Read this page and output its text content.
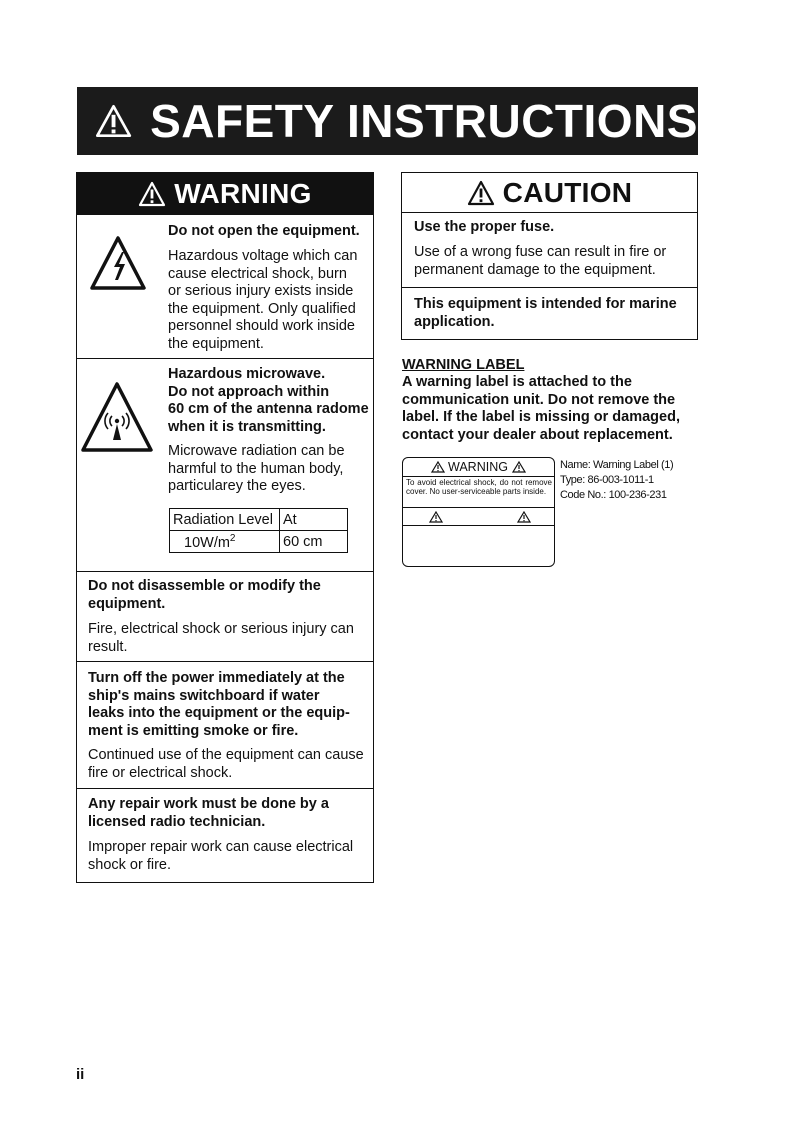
SAFETY INSTRUCTIONS
WARNING
Do not open the equipment.
Hazardous voltage which can
cause electrical shock, burn
or serious injury exists inside
the equipment. Only qualified
personnel should work inside
the equipment.
Hazardous microwave.
Do not approach within
60 cm of the antenna radome
when it is transmitting.
Microwave radiation can be
harmful to the human body,
particularey the eyes.
Radiation Level	At
$10W/m^2$	60 cm
Do not disassemble or modify the
equipment.
Fire, electrical shock or serious injury can
result.
Turn off the power immediately at the
ship's mains switchboard if water
leaks into the equipment or the equip-
ment is emitting smoke or fire.
Continued use of the equipment can cause
fire or electrical shock.
Any repair work must be done by a
licensed radio technician.
Improper repair work can cause electrical
shock or fire.
CAUTION
Use the proper fuse.
Use of a wrong fuse can result in fire or
permanent damage to the equipment.
This equipment is intended for marine
application.
WARNING LABEL
A warning label is attached to the
communication unit. Do not remove the
label. If the label is missing or damaged,
contact your dealer about replacement.
WARNING
To avoid electrical shock, do not remove cover. No user-serviceable parts inside.
Name: Warning Label (1)
Type: 86-003-1011-1
Code No.: 100-236-231
ii
